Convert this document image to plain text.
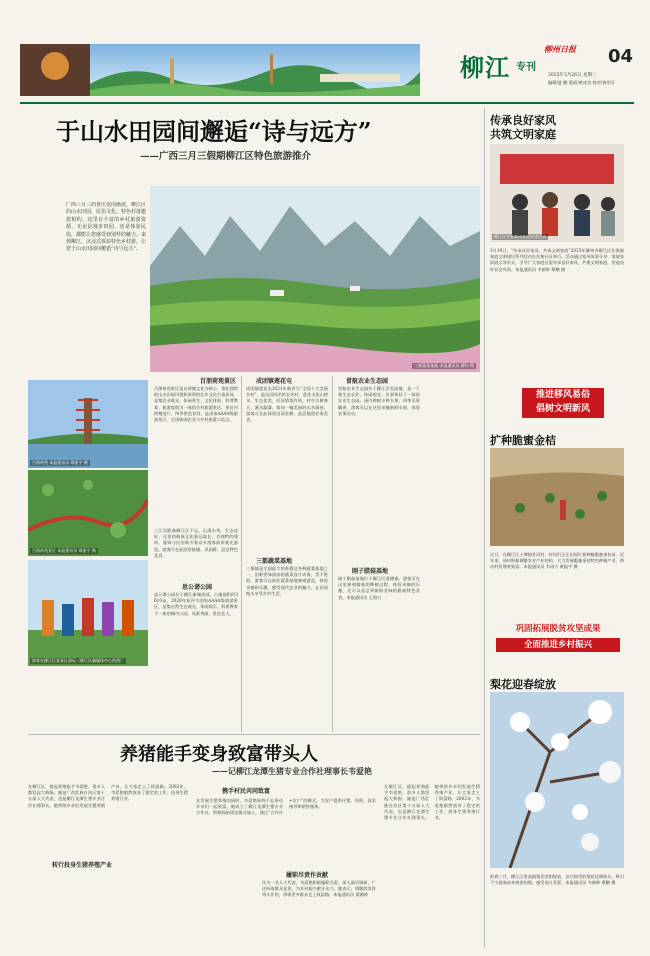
柳江 专刊
柳州日报	04
2025年3月26日 星期三
编辑/夏 鹏 版面/黄成良 校对/黄明芬
于山水田园间邂逅“诗与远方”
——广西三月三假期柳江区特色旅游推介
广西三月三的喜庆氛围渐浓，柳江区的山水田园、民俗文化、特色村落邀您相约。这里有丰富的乡村旅游资源，无论是漫步田园，还是体验民俗，都能让您感受到别样的魅力。来到柳江，沉浸式体验特色乡村游，让您于山水田园间邂逅“诗与远方”。
三都蔬菜基地 本报通讯员 柳均 摄
百朋荷苑 本报通讯员 覃振宇 摄
百朋荷苑景区 本报通讯员 覃振宇 摄
游客在柳江区某景区游玩（柳江区融媒体中心供图）
百朋荷苑景区
百朋荷苑景区是以荷塘文化为核心，依托独特的山水田园风貌和浓厚的壮乡文化打造而成，是集农业观光、休闲养生、文化体验、科普教育、旅游度假为一体的乡村旅游景区。景区内荷塘连片，四季景色各异，是国家AAAA级旅游景区、全国休闲农业与乡村旅游示范点。
三江县距离柳江区不远，山清水秀，生态良好，这里的侗族文化源远流长，其独特的建筑、服饰与民俗吸引着众多游客前来观光游览。游客可在此欣赏鼓楼、风雨桥，品尝特色美食。
思公谱公园
思公谱公园位于柳江新城南部，占地面积约3610亩，2020年获评为国家AAAA级旅游景区，是集自然生态观光、休闲娱乐、科普教育于一体的城市公园，风景秀丽，景色宜人。
成团镇莲花屯
成团镇莲花屯2021年被评为“全国十大美丽乡村”，是远近闻名的长寿村。莲花屯依山傍水，生态优美，民居错落有致，村中古树参天，溪水潺潺，如同一幅美丽的山水画卷。游客可在此体验田园农耕，品尝地道农家美食。
三都蔬菜基地
三都镇是全国最大的香葱及冬种蔬菜基地之一，田野里绿油油的蔬菜连片成海，美不胜收。游客可以前往蔬菜基地参观游览，体验采摘的乐趣，感受现代农业的魅力，在田间地头享受乡村生活。
冒航农业生态园
冒航农业生态园位于柳江区里高镇，是一个集生态农业、休闲观光、农事体验于一体的农业生态园。园内种植多种水果，四季瓜果飘香，游客可以在这里采摘新鲜水果，体验农事活动。
刚子腊菇基地
刚子腊菇基地位于柳江区进德镇，游客可在这里参观腊菇的种植过程，体验采摘的乐趣，还可以品尝到新鲜美味的腊菇特色美食。本报通讯员 王海力
养猪能手变身致富带头人
——记柳江龙潭生猪专业合作社理事长韦爱艳
转行投身生猪养殖产业
在柳江区，提起养殖能手韦爱艳，很多人都竖起大拇指。她是广西壮族自治区第十五届人大代表，也是柳江龙潭生猪专业合作社理事长。她带领乡亲们发展生猪养殖产业，让大家走上了致富路。2002年，韦爱艳毅然放弃了稳定的工作，投身生猪养殖行业。
携手村民共同致富
在发展生猪养殖的同时，韦爱艳始终不忘带动乡亲们一起致富。她成立了柳江龙潭生猪专业合作社，积极吸纳周边群众加入，通过“合作社+农户”的模式，为农户提供仔猪、饲料、技术指导和销售服务。
履职尽责作贡献
作为一名人大代表，韦爱艳积极履职尽责，深入基层调研，广泛听取群众意见，为乡村振兴献计出力。她表示，将继续发挥带头作用，带领更多群众走上致富路。本报通讯员 梁湘婷
在柳江区，提起养殖能手韦爱艳，很多人都竖起大拇指。她是广西壮族自治区第十五届人大代表，也是柳江龙潭生猪专业合作社理事长。她带领乡亲们发展生猪养殖产业，让大家走上了致富路。2002年，韦爱艳毅然放弃了稳定的工作，投身生猪养殖行业。
传承良好家风
共筑文明家庭
柳江区开展家风家训宣讲活动
3月19日，“传承良好家风，共筑文明家庭”2025年柳州市柳江区拉堡镇家庭文明建设系列活动在拉堡社区举行。活动通过家风故事分享、家规家训展示等形式，引导广大家庭自觉传承良好家风，共建文明家庭，营造良好社会风尚。本报通讯员 韦新辉 覃鹏 摄
推进移风易俗
倡树文明新风
扩种脆蜜金桔
近日，在柳江区土博镇甘河村，村民们正在田间忙着种植脆蜜金桔苗。近年来，该村积极调整农业产业结构，大力发展脆蜜金桔特色种植产业，带动村民增收致富。本报通讯员 韦涛力 黄振宇 摄
巩固拓展脱贫攻坚成果
全面推进乡村振兴
梨花迎春绽放
阳春三月，柳江区里高镇梨花竞相绽放，洁白如雪的梨花挂满枝头，吸引不少游客前来观赏拍照，感受春日美景。本报通讯员 韦新辉 覃鹏 摄
